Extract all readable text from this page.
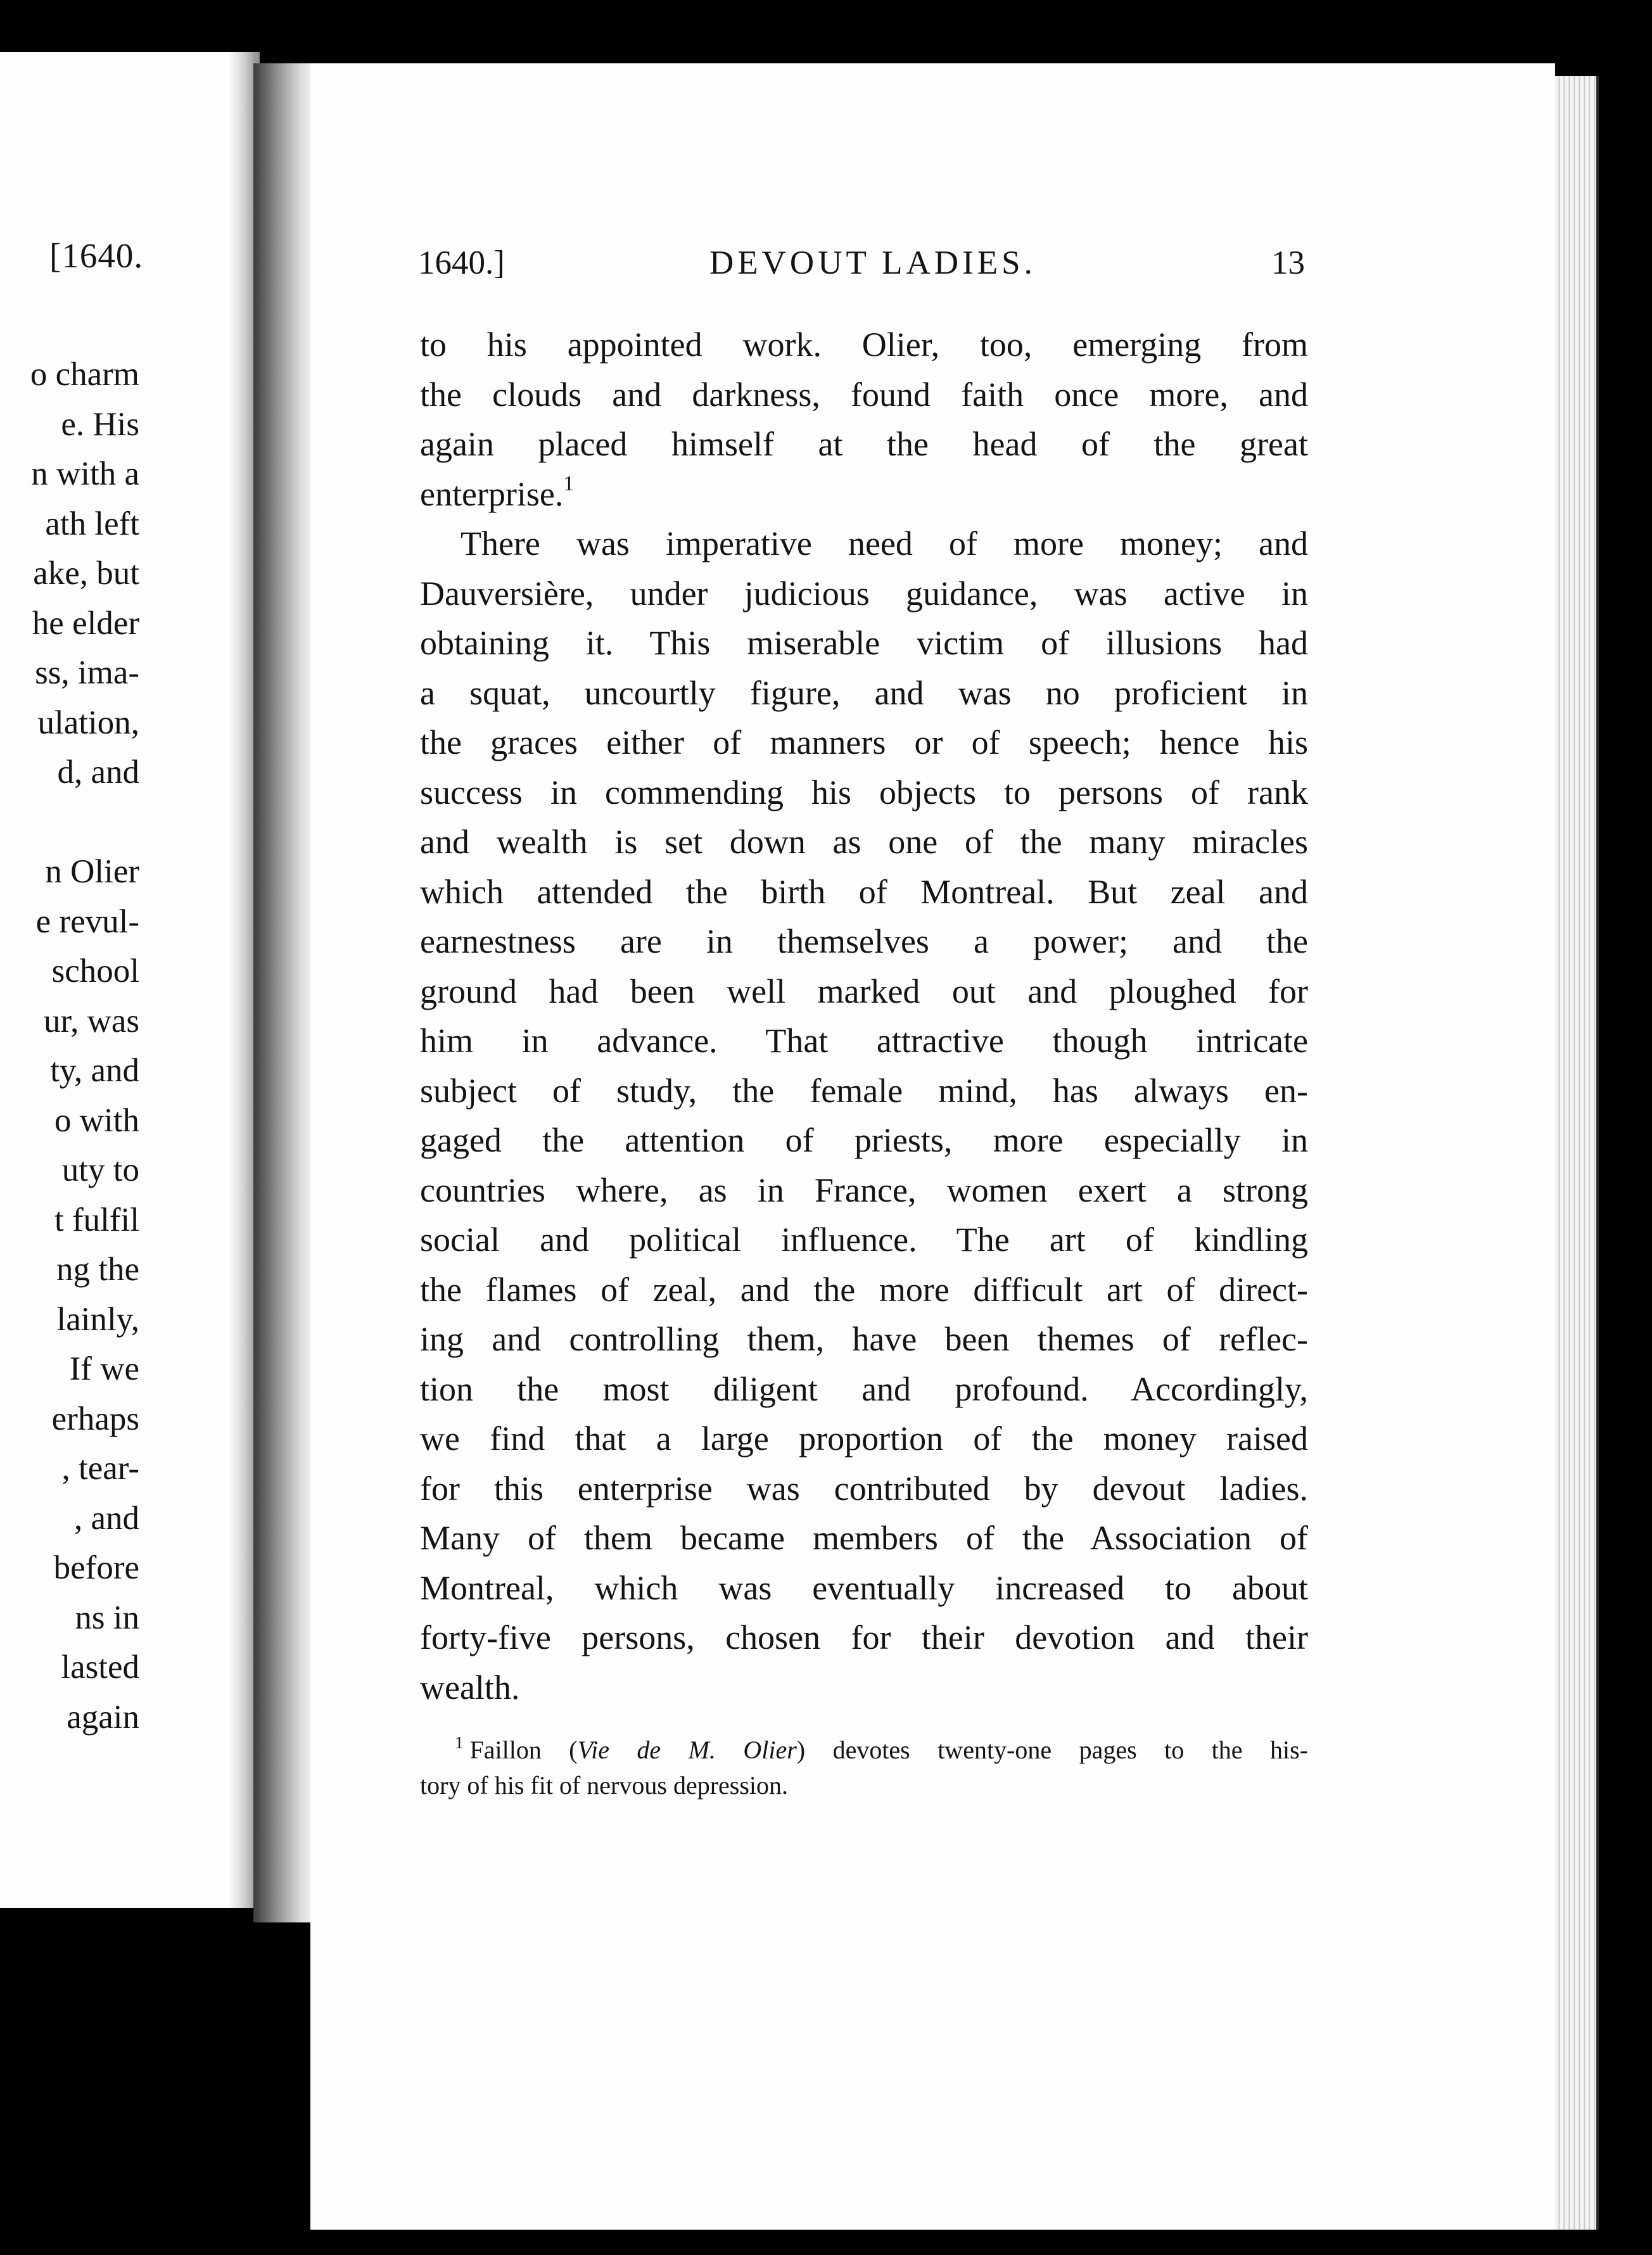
[1640.
o charm
e. His
n with a
ath left
ake, but
he elder
ss, ima-
ulation,
d, and
n Olier
e revul-
school
ur, was
ty, and
o with
uty to
t fulfil
ng the
lainly,
If we
erhaps
, tear-
, and
before
ns in
lasted
again
1640.]	DEVOUT LADIES.	13
to his appointed work. Olier, too, emerging from
the clouds and darkness, found faith once more, and
again placed himself at the head of the great
enterprise.$^1$
There was imperative need of more money; and
Dauversière, under judicious guidance, was active in
obtaining it. This miserable victim of illusions had
a squat, uncourtly figure, and was no proficient in
the graces either of manners or of speech; hence his
success in commending his objects to persons of rank
and wealth is set down as one of the many miracles
which attended the birth of Montreal. But zeal and
earnestness are in themselves a power; and the
ground had been well marked out and ploughed for
him in advance. That attractive though intricate
subject of study, the female mind, has always en-
gaged the attention of priests, more especially in
countries where, as in France, women exert a strong
social and political influence. The art of kindling
the flames of zeal, and the more difficult art of direct-
ing and controlling them, have been themes of reflec-
tion the most diligent and profound. Accordingly,
we find that a large proportion of the money raised
for this enterprise was contributed by devout ladies.
Many of them became members of the Association of
Montreal, which was eventually increased to about
forty-five persons, chosen for their devotion and their
wealth.
$^1$ Faillon (Vie de M. Olier) devotes twenty-one pages to the his-
tory of his fit of nervous depression.
